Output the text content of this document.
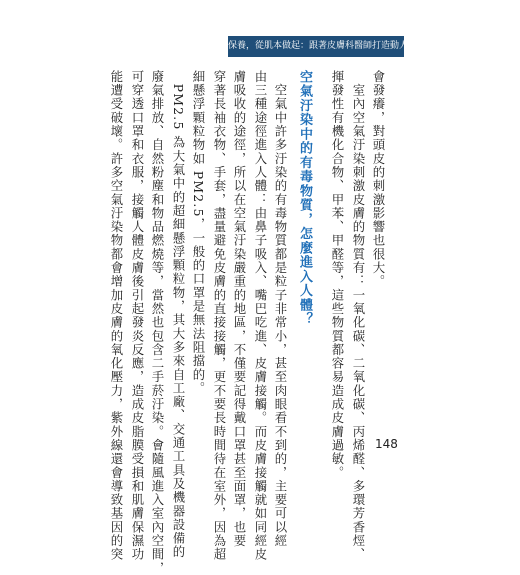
保養，從肌本做起：跟著皮膚科醫師打造動人美肌
會發癢，對頭皮的刺激影響也很大。
　室內空氣汙染刺激皮膚的物質有：一氧化碳、二氧化碳、丙烯醛、多環芳香烴、
揮發性有機化合物、甲苯、甲醛等，這些物質都容易造成皮膚過敏。
空氣汙染中的有毒物質，怎麼進入人體？
　空氣中許多汙染的有毒物質都是粒子非常小，甚至肉眼看不到的，主要可以經
由三種途徑進入人體：由鼻子吸入、嘴巴吃進、皮膚接觸。而皮膚接觸就如同經皮
膚吸收的途徑，所以在空氣汙染嚴重的地區，不僅要記得戴口罩甚至面罩，也要
穿著長袖衣物、手套，盡量避免皮膚的直接接觸，更不要長時間待在室外，因為超
細懸浮顆粒物如 PM2.5，一般的口罩是無法阻擋的。
　PM2.5 為大氣中的超細懸浮顆粒物，其大多來自工廠、交通工具及機器設備的
廢氣排放、自然粉塵和物品燃燒等，當然也包含二手菸汙染。會隨風進入室內空間，
可穿透口罩和衣服，接觸人體皮膚後引起發炎反應，造成皮脂膜受損和肌膚保濕功
能遭受破壞。許多空氣汙染物都會增加皮膚的氧化壓力，紫外線還會導致基因的突	148
